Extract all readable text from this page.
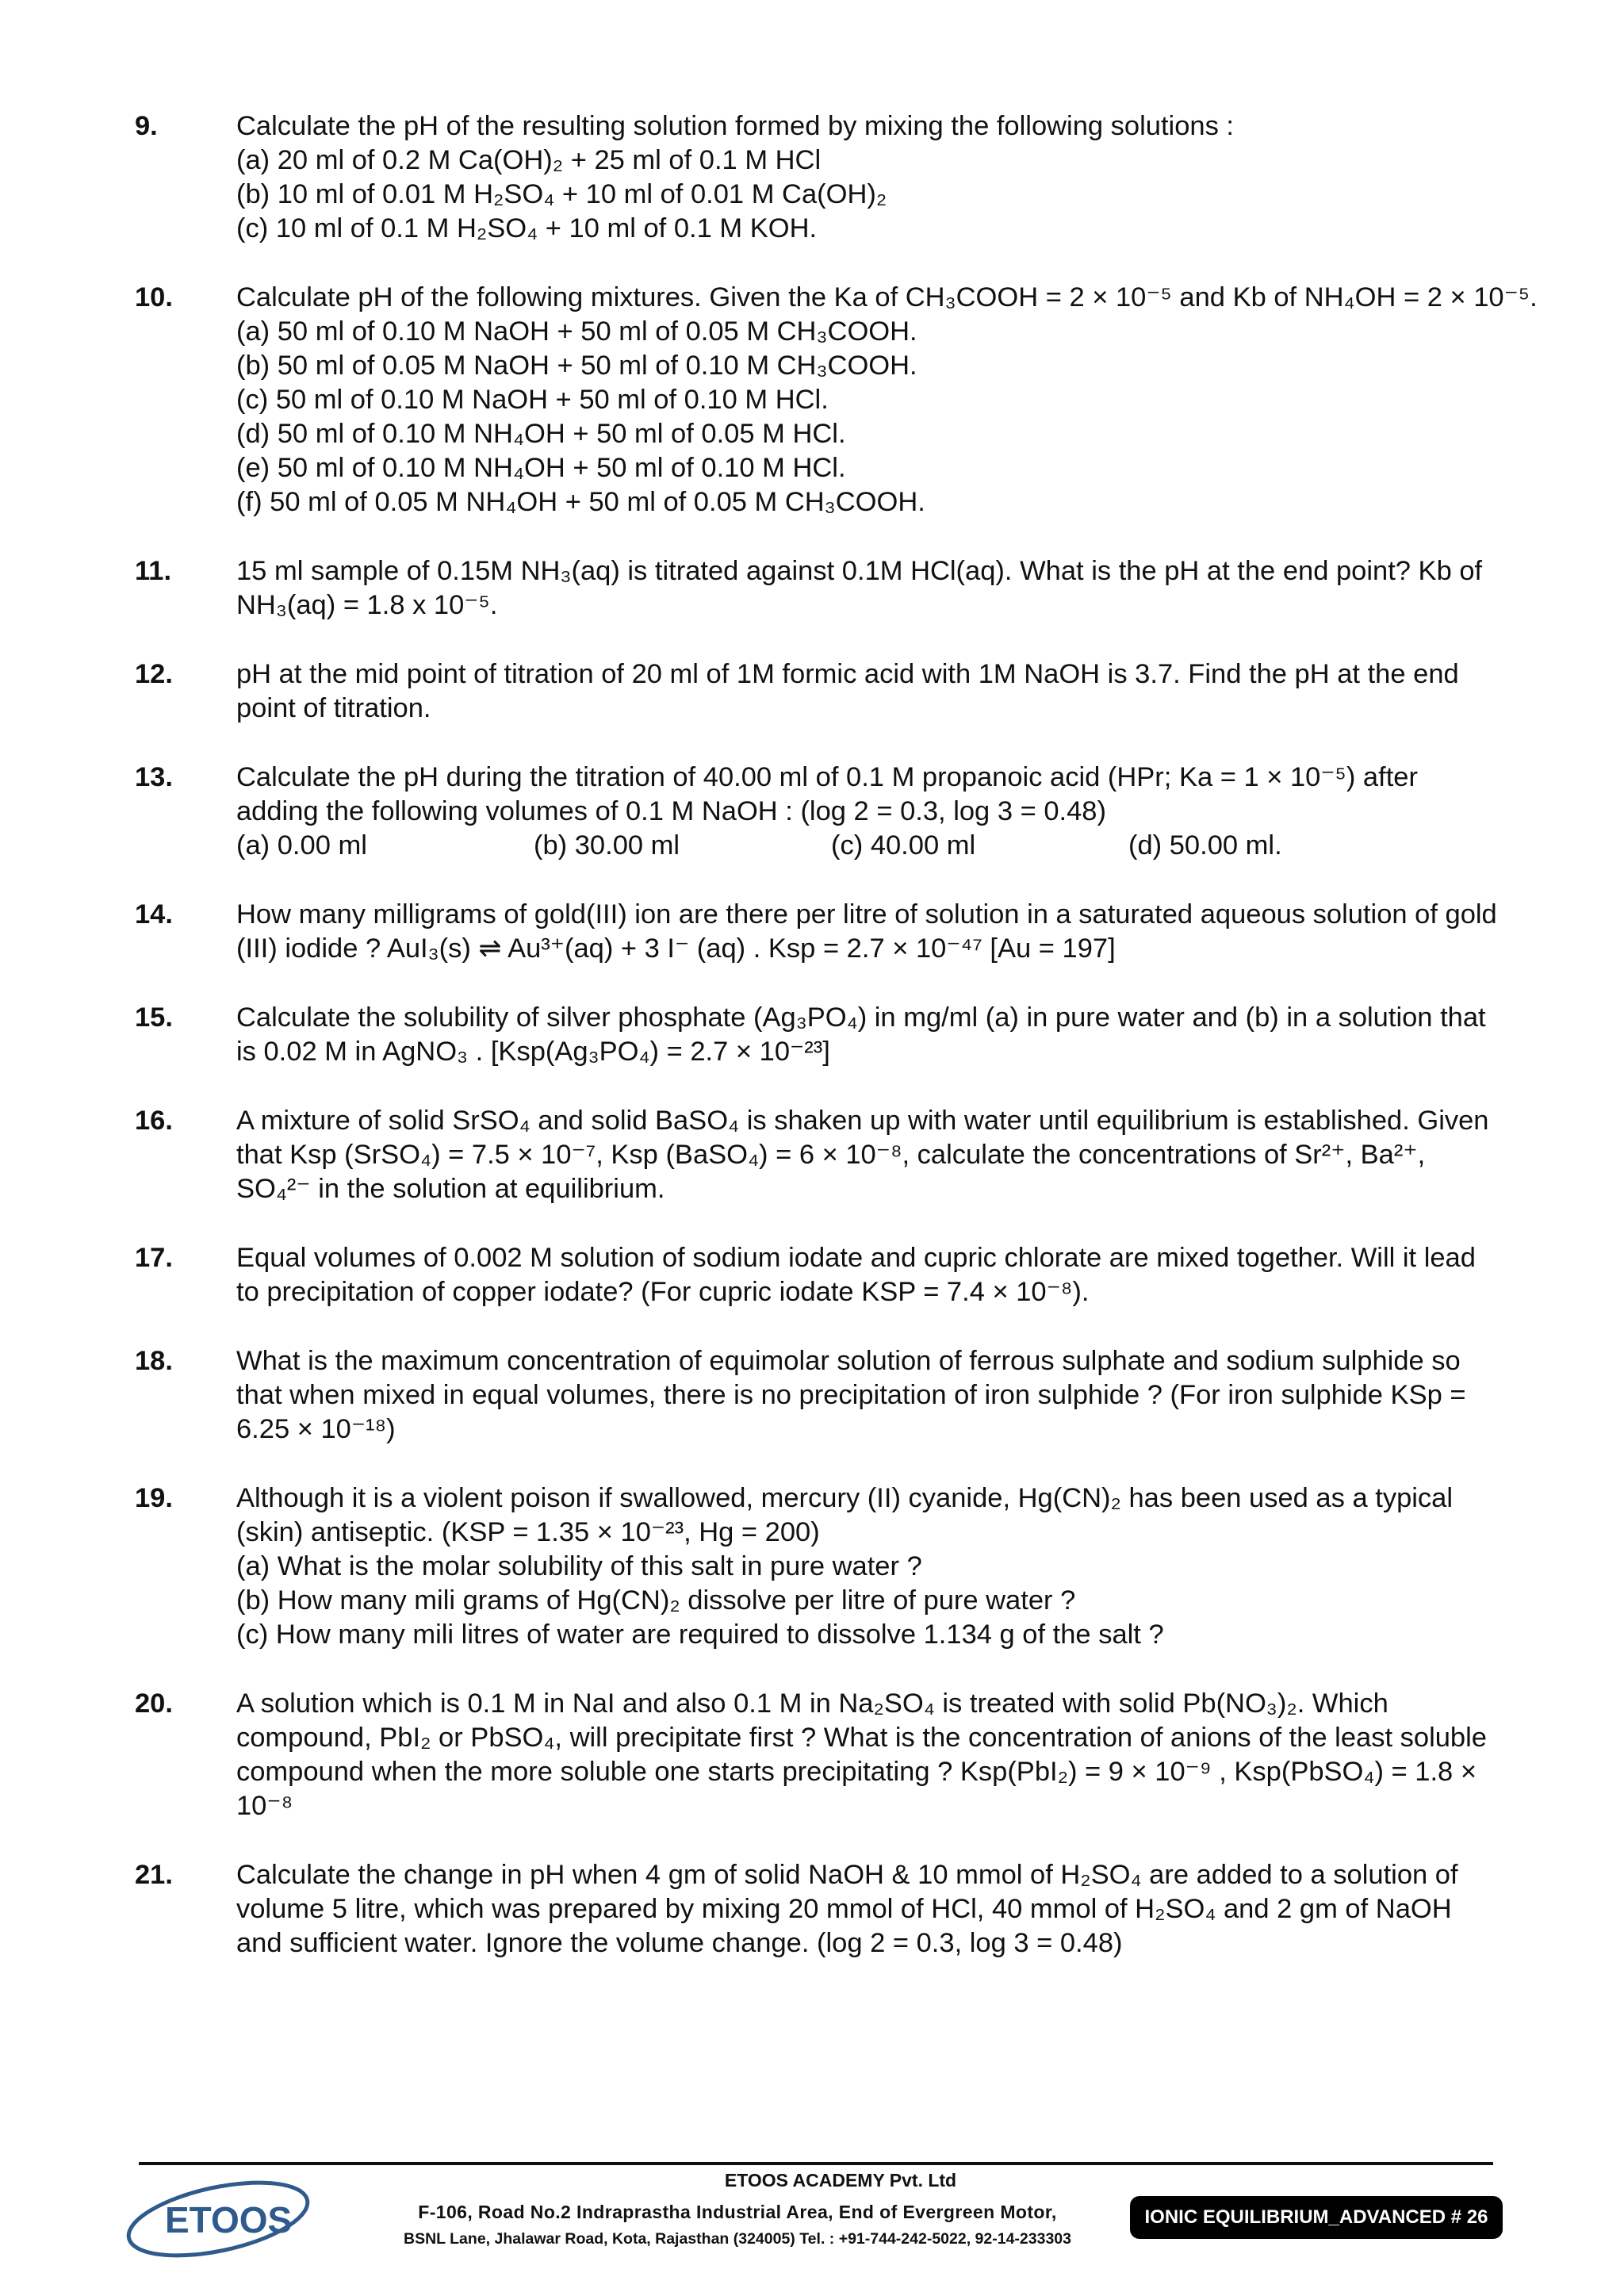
9.	Calculate the pH of the resulting solution formed by mixing the following solutions :
(a) 20 ml of 0.2 M Ca(OH)₂ + 25 ml of 0.1 M HCl
(b) 10 ml of 0.01 M H₂SO₄ + 10 ml of 0.01 M Ca(OH)₂
(c) 10 ml of 0.1 M H₂SO₄ + 10 ml of 0.1 M KOH.
10. Calculate pH of the following mixtures. Given the Ka of CH₃COOH = 2 × 10⁻⁵ and Kb of NH₄OH = 2 × 10⁻⁵.
(a) 50 ml of 0.10 M NaOH + 50 ml of 0.05 M CH₃COOH.
(b) 50 ml of 0.05 M NaOH + 50 ml of 0.10 M CH₃COOH.
(c) 50 ml of 0.10 M NaOH + 50 ml of 0.10 M HCl.
(d) 50 ml of 0.10 M NH₄OH + 50 ml of 0.05 M HCl.
(e) 50 ml of 0.10 M NH₄OH + 50 ml of 0.10 M HCl.
(f) 50 ml of 0.05 M NH₄OH + 50 ml of 0.05 M CH₃COOH.
11. 15 ml sample of 0.15M NH₃(aq) is titrated against 0.1M HCl(aq). What is the pH at the end point? Kb of NH₃(aq) = 1.8 x 10⁻⁵.
12. pH at the mid point of titration of 20 ml of 1M formic acid with 1M NaOH is 3.7. Find the pH at the end point of titration.
13. Calculate the pH during the titration of 40.00 ml of 0.1 M propanoic acid (HPr; Ka = 1 × 10⁻⁵) after adding the following volumes of 0.1 M NaOH : (log 2 = 0.3, log 3 = 0.48)
(a) 0.00 ml	(b) 30.00 ml	(c) 40.00 ml	(d) 50.00 ml.
14. How many milligrams of gold(III) ion are there per litre of solution in a saturated aqueous solution of gold (III) iodide ? AuI₃(s) ⇌ Au³⁺(aq) + 3 I⁻ (aq) . Ksp = 2.7 × 10⁻⁴⁷ [Au = 197]
15. Calculate the solubility of silver phosphate (Ag₃PO₄) in mg/ml (a) in pure water and (b) in a solution that is 0.02 M in AgNO₃ . [Ksp(Ag₃PO₄) = 2.7 × 10⁻²³]
16. A mixture of solid SrSO₄ and solid BaSO₄ is shaken up with water until equilibrium is established. Given that Ksp (SrSO₄) = 7.5 × 10⁻⁷, Ksp (BaSO₄) = 6 × 10⁻⁸, calculate the concentrations of Sr²⁺, Ba²⁺, SO₄²⁻ in the solution at equilibrium.
17. Equal volumes of 0.002 M solution of sodium iodate and cupric chlorate are mixed together. Will it lead to precipitation of copper iodate? (For cupric iodate KSP = 7.4 × 10⁻⁸).
18. What is the maximum concentration of equimolar solution of ferrous sulphate and sodium sulphide so that when mixed in equal volumes, there is no precipitation of iron sulphide ? (For iron sulphide KSp = 6.25 × 10⁻¹⁸)
19. Although it is a violent poison if swallowed, mercury (II) cyanide, Hg(CN)₂ has been used as a typical (skin) antiseptic. (KSP = 1.35 × 10⁻²³, Hg = 200)
(a) What is the molar solubility of this salt in pure water ?
(b) How many mili grams of Hg(CN)₂ dissolve per litre of pure water ?
(c) How many mili litres of water are required to dissolve 1.134 g of the salt ?
20. A solution which is 0.1 M in NaI and also 0.1 M in Na₂SO₄ is treated with solid Pb(NO₃)₂. Which compound, PbI₂ or PbSO₄, will precipitate first ? What is the concentration of anions of the least soluble compound when the more soluble one starts precipitating ? Ksp(PbI₂) = 9 × 10⁻⁹ , Ksp(PbSO₄) = 1.8 × 10⁻⁸
21. Calculate the change in pH when 4 gm of solid NaOH & 10 mmol of H₂SO₄ are added to a solution of volume 5 litre, which was prepared by mixing 20 mmol of HCl, 40 mmol of H₂SO₄ and 2 gm of NaOH and sufficient water. Ignore the volume change. (log 2 = 0.3, log 3 = 0.48)
ETOOS
ETOOS ACADEMY Pvt. Ltd
F-106, Road No.2 Indraprastha Industrial Area, End of Evergreen Motor,
BSNL Lane, Jhalawar Road, Kota, Rajasthan (324005) Tel. : +91-744-242-5022, 92-14-233303
IONIC EQUILIBRIUM_ADVANCED # 26
